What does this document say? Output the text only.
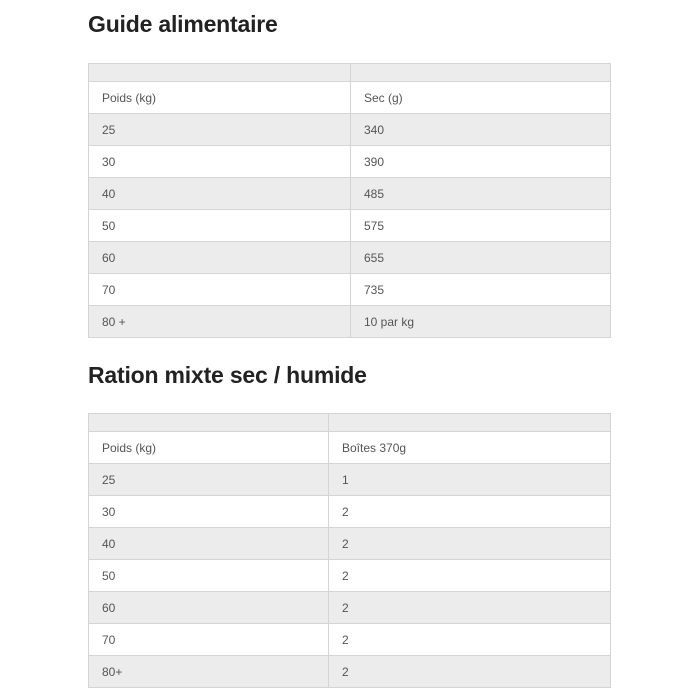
Guide alimentaire

Poids (kg)	Sec (g)
25	340
30	390
40	485
50	575
60	655
70	735
80 +	10 par kg
Ration mixte sec / humide

Poids (kg)	Boîtes 370g
25	1
30	2
40	2
50	2
60	2
70	2
80+	2
